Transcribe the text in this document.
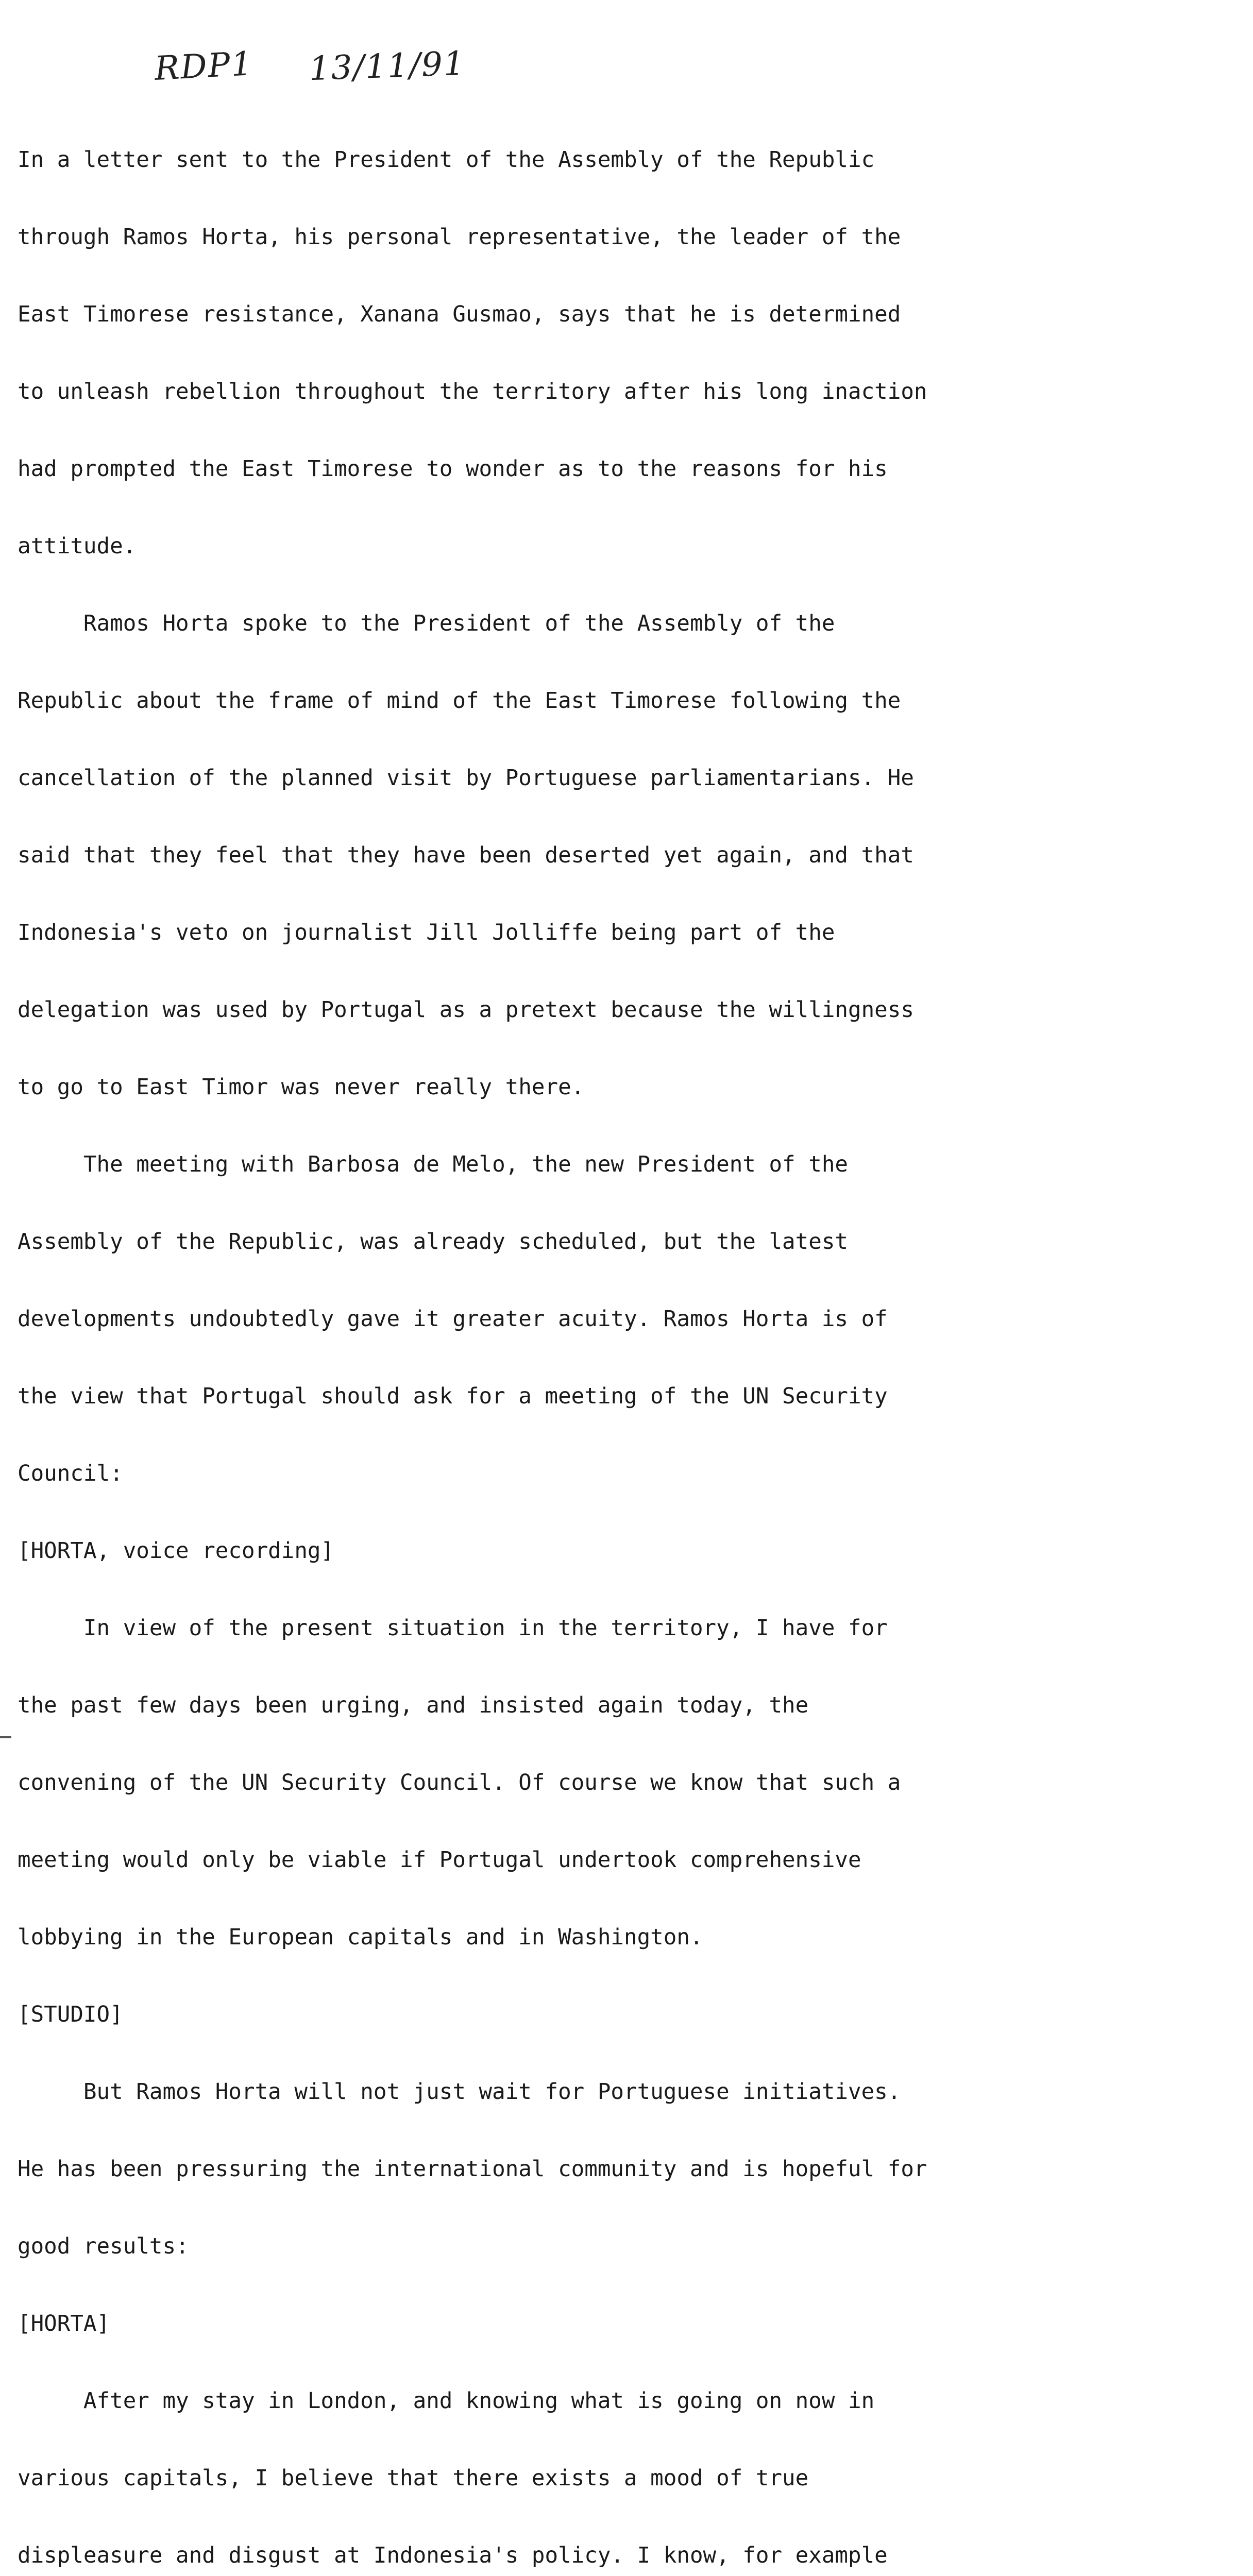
RDP1 13/11/91

In a letter sent to the President of the Assembly of the Republic

through Ramos Horta, his personal representative, the leader of the

East Timorese resistance, Xanana Gusmao, says that he is determined

to unleash rebellion throughout the territory after his long inaction

had prompted the East Timorese to wonder as to the reasons for his

attitude.

Ramos Horta spoke to the President of the Assembly of the

Republic about the frame of mind of the East Timorese following the

cancellation of the planned visit by Portuguese parliamentarians. He

said that they feel that they have been deserted yet again, and that

Indonesia's veto on journalist Jill Jolliffe being part of the

delegation was used by Portugal as a pretext because the willingness

to go to East Timor was never really there.

The meeting with Barbosa de Melo, the new President of the

Assembly of the Republic, was already scheduled, but the latest

developments undoubtedly gave it greater acuity. Ramos Horta is of

the view that Portugal should ask for a meeting of the UN Security

Council:

[HORTA, voice recording]

In view of the present situation in the territory, I have for

the past few days been urging, and insisted again today, the

convening of the UN Security Council. Of course we know that such a

meeting would only be viable if Portugal undertook comprehensive

lobbying in the European capitals and in Washington.

[STUDIO]

But Ramos Horta will not just wait for Portuguese initiatives.

He has been pressuring the international community and is hopeful for

good results:

[HORTA]

After my stay in London, and knowing what is going on now in

various capitals, I believe that there exists a mood of true

displeasure and disgust at Indonesia's policy. I know, for example
